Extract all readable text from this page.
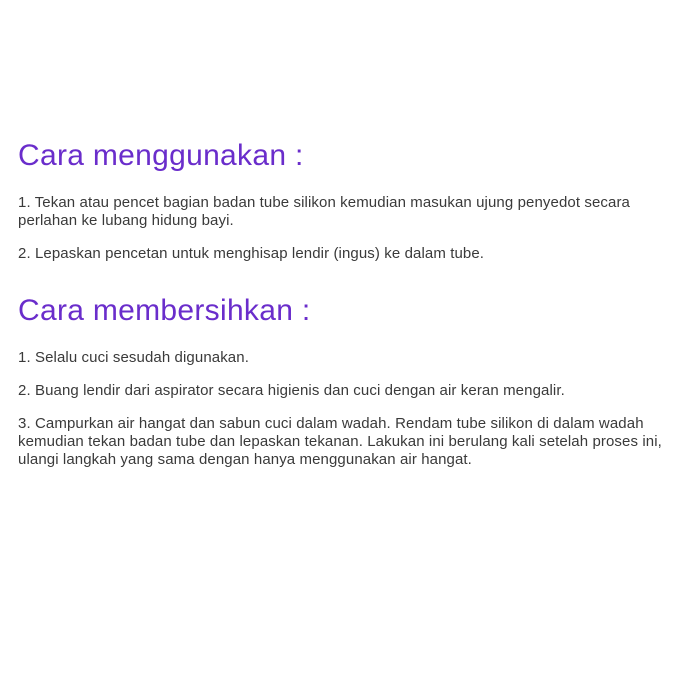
Cara menggunakan :

1. Tekan atau pencet bagian badan tube silikon kemudian masukan ujung penyedot secara perlahan ke lubang hidung bayi.

2. Lepaskan pencetan untuk menghisap lendir (ingus) ke dalam tube.

Cara membersihkan :

1. Selalu cuci sesudah digunakan.

2. Buang lendir dari aspirator secara higienis dan cuci dengan air keran mengalir.

3. Campurkan air hangat dan sabun cuci dalam wadah. Rendam tube silikon di dalam wadah kemudian tekan badan tube dan lepaskan tekanan. Lakukan ini berulang kali setelah proses ini, ulangi langkah yang sama dengan hanya menggunakan air hangat.
